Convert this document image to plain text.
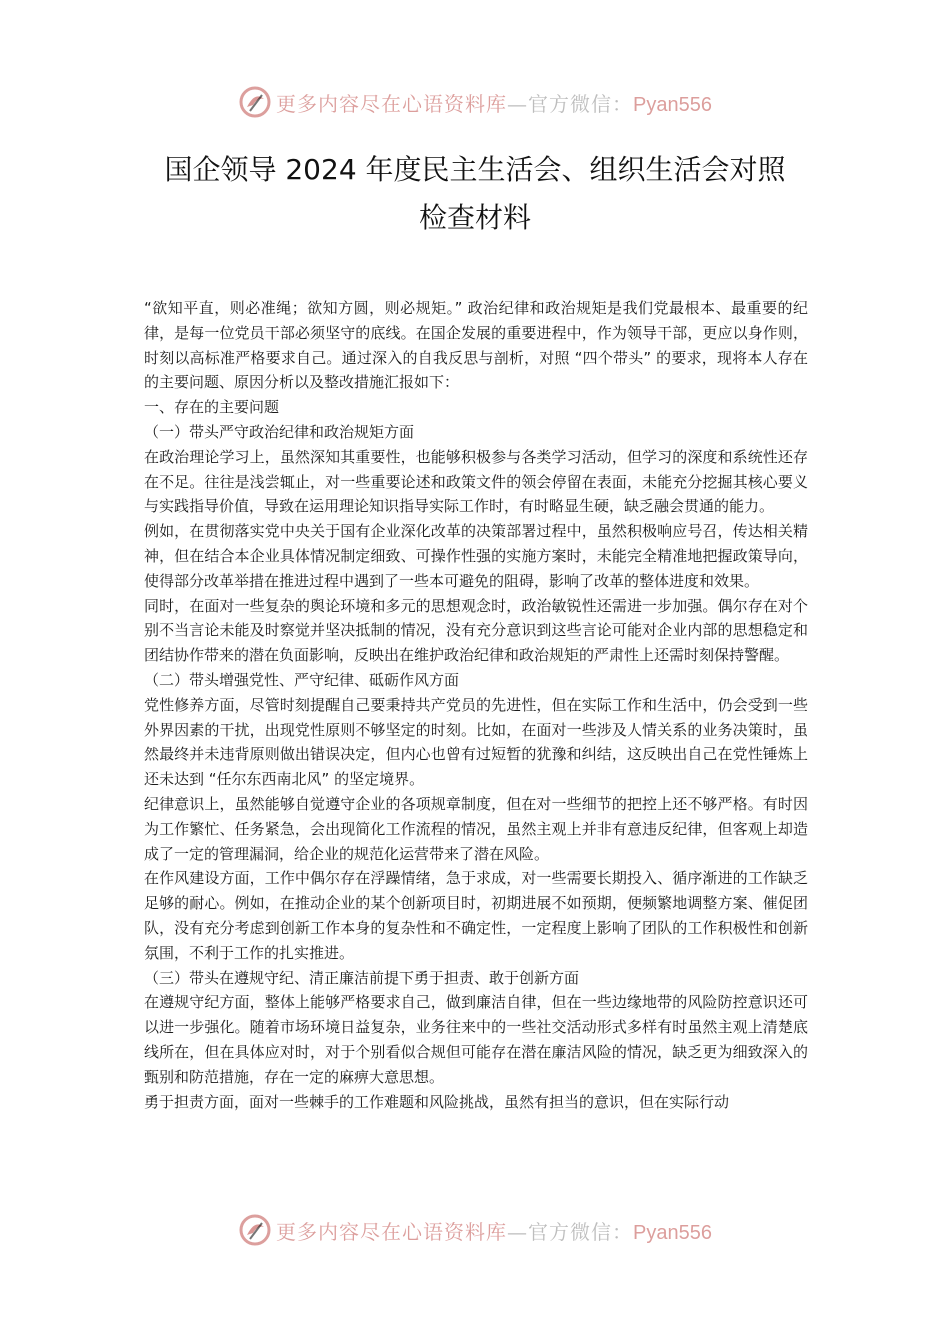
更多内容尽在心语资料库—官方微信：Pyan556
国企领导 2024 年度民主生活会、组织生活会对照
检查材料

“欲知平直，则必准绳；欲知方圆，则必规矩。” 政治纪律和政治规矩是我们党最根本、最重要的纪律，是每一位党员干部必须坚守的底线。在国企发展的重要进程中，作为领导干部，更应以身作则，时刻以高标准严格要求自己。通过深入的自我反思与剖析，对照 “四个带头” 的要求，现将本人存在的主要问题、原因分析以及整改措施汇报如下：

一、存在的主要问题

（一）带头严守政治纪律和政治规矩方面

在政治理论学习上，虽然深知其重要性，也能够积极参与各类学习活动，但学习的深度和系统性还存在不足。往往是浅尝辄止，对一些重要论述和政策文件的领会停留在表面，未能充分挖掘其核心要义与实践指导价值，导致在运用理论知识指导实际工作时，有时略显生硬，缺乏融会贯通的能力。

例如，在贯彻落实党中央关于国有企业深化改革的决策部署过程中，虽然积极响应号召，传达相关精神，但在结合本企业具体情况制定细致、可操作性强的实施方案时，未能完全精准地把握政策导向，使得部分改革举措在推进过程中遇到了一些本可避免的阻碍，影响了改革的整体进度和效果。

同时，在面对一些复杂的舆论环境和多元的思想观念时，政治敏锐性还需进一步加强。偶尔存在对个别不当言论未能及时察觉并坚决抵制的情况，没有充分意识到这些言论可能对企业内部的思想稳定和团结协作带来的潜在负面影响，反映出在维护政治纪律和政治规矩的严肃性上还需时刻保持警醒。

（二）带头增强党性、严守纪律、砥砺作风方面

党性修养方面，尽管时刻提醒自己要秉持共产党员的先进性，但在实际工作和生活中，仍会受到一些外界因素的干扰，出现党性原则不够坚定的时刻。比如，在面对一些涉及人情关系的业务决策时，虽然最终并未违背原则做出错误决定，但内心也曾有过短暂的犹豫和纠结，这反映出自己在党性锤炼上还未达到 “任尔东西南北风” 的坚定境界。

纪律意识上，虽然能够自觉遵守企业的各项规章制度，但在对一些细节的把控上还不够严格。有时因为工作繁忙、任务紧急，会出现简化工作流程的情况，虽然主观上并非有意违反纪律，但客观上却造成了一定的管理漏洞，给企业的规范化运营带来了潜在风险。

在作风建设方面，工作中偶尔存在浮躁情绪，急于求成，对一些需要长期投入、循序渐进的工作缺乏足够的耐心。例如，在推动企业的某个创新项目时，初期进展不如预期，便频繁地调整方案、催促团队，没有充分考虑到创新工作本身的复杂性和不确定性，一定程度上影响了团队的工作积极性和创新氛围，不利于工作的扎实推进。

（三）带头在遵规守纪、清正廉洁前提下勇于担责、敢于创新方面

在遵规守纪方面，整体上能够严格要求自己，做到廉洁自律，但在一些边缘地带的风险防控意识还可以进一步强化。随着市场环境日益复杂，业务往来中的一些社交活动形式多样有时虽然主观上清楚底线所在，但在具体应对时，对于个别看似合规但可能存在潜在廉洁风险的情况，缺乏更为细致深入的甄别和防范措施，存在一定的麻痹大意思想。

勇于担责方面，面对一些棘手的工作难题和风险挑战，虽然有担当的意识，但在实际行动

更多内容尽在心语资料库—官方微信：Pyan556
